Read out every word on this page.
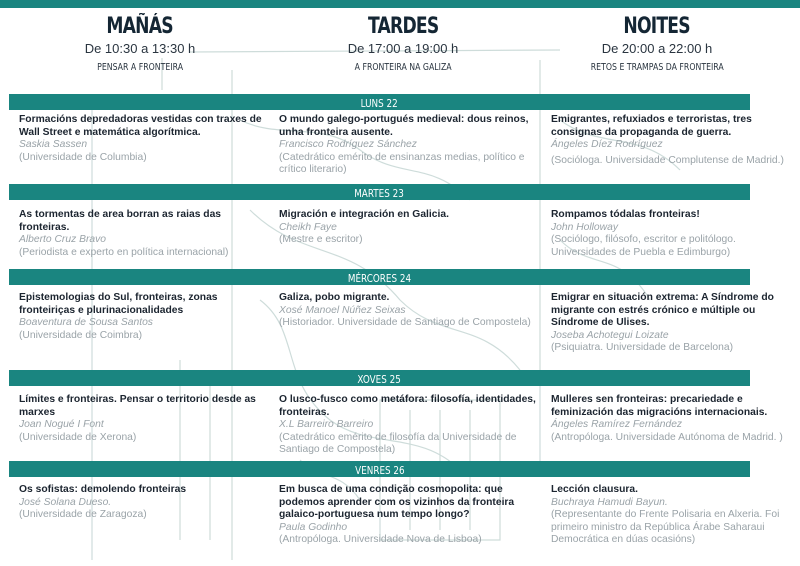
MAÑÁS
De 10:30 a 13:30 h
PENSAR A FRONTEIRA
TARDES
De 17:00 a 19:00 h
A FRONTEIRA NA GALIZA
NOITES
De 20:00 a 22:00 h
RETOS E TRAMPAS DA FRONTEIRA
LUNS 22
Formacións depredadoras vestidas con traxes de Wall Street e matemática algorítmica.
Saskia Sassen
(Universidade de Columbia)
O mundo galego-portugués medieval: dous reinos, unha fronteira ausente.
Francisco Rodríguez Sánchez
(Catedrático emérito de ensinanzas medias, político e crítico literario)
Emigrantes, refuxiados e terroristas, tres consignas da propaganda de guerra.
Ángeles Díez Rodríguez
(Socióloga. Universidade Complutense de Madrid.)
MARTES 23
As tormentas de area borran as raias das fronteiras.
Alberto Cruz Bravo
(Periodista e experto en política internacional)
Migración e integración en Galicia.
Cheikh Faye
(Mestre e escritor)
Rompamos tódalas fronteiras!
John Holloway
(Sociólogo, filósofo, escritor e politólogo. Universidades de Puebla e Edimburgo)
MÉRCORES 24
Epistemologias do Sul, fronteiras, zonas fronteiriças e plurinacionalidades
Boaventura de Sousa Santos
(Universidade de Coimbra)
Galiza, pobo migrante.
Xosé Manoel Núñez Seixas
(Historiador. Universidade de Santiago de Compostela)
Emigrar en situación extrema: A Síndrome do migrante con estrés crónico e múltiple ou Síndrome de Ulises.
Joseba Achotegui Loizate
(Psiquiatra. Universidade de Barcelona)
XOVES 25
Límites e fronteiras. Pensar o territorio desde as marxes
Joan Nogué I Font
(Universidade de Xerona)
O lusco-fusco como metáfora: filosofía, identidades, fronteiras.
X.L Barreiro Barreiro
(Catedrático emérito de filosofía da Universidade de Santiago de Compostela)
Mulleres sen fronteiras: precariedade e feminización das migracións internacionais.
Ángeles Ramírez Fernández
(Antropóloga. Universidade Autónoma de Madrid. )
VENRES 26
Os sofistas: demolendo fronteiras
José Solana Dueso.
(Universidade de Zaragoza)
Em busca de uma condição cosmopolita: que podemos aprender com os vizinhos da fronteira galaico-portuguesa num tempo longo?
Paula Godinho
(Antropóloga. Universidade Nova de Lisboa)
Lección clausura.
Buchraya Hamudi Bayun.
(Representante do Frente Polisaria en Alxeria. Foi primeiro ministro da República Árabe Saharaui Democrática en dúas ocasións)
